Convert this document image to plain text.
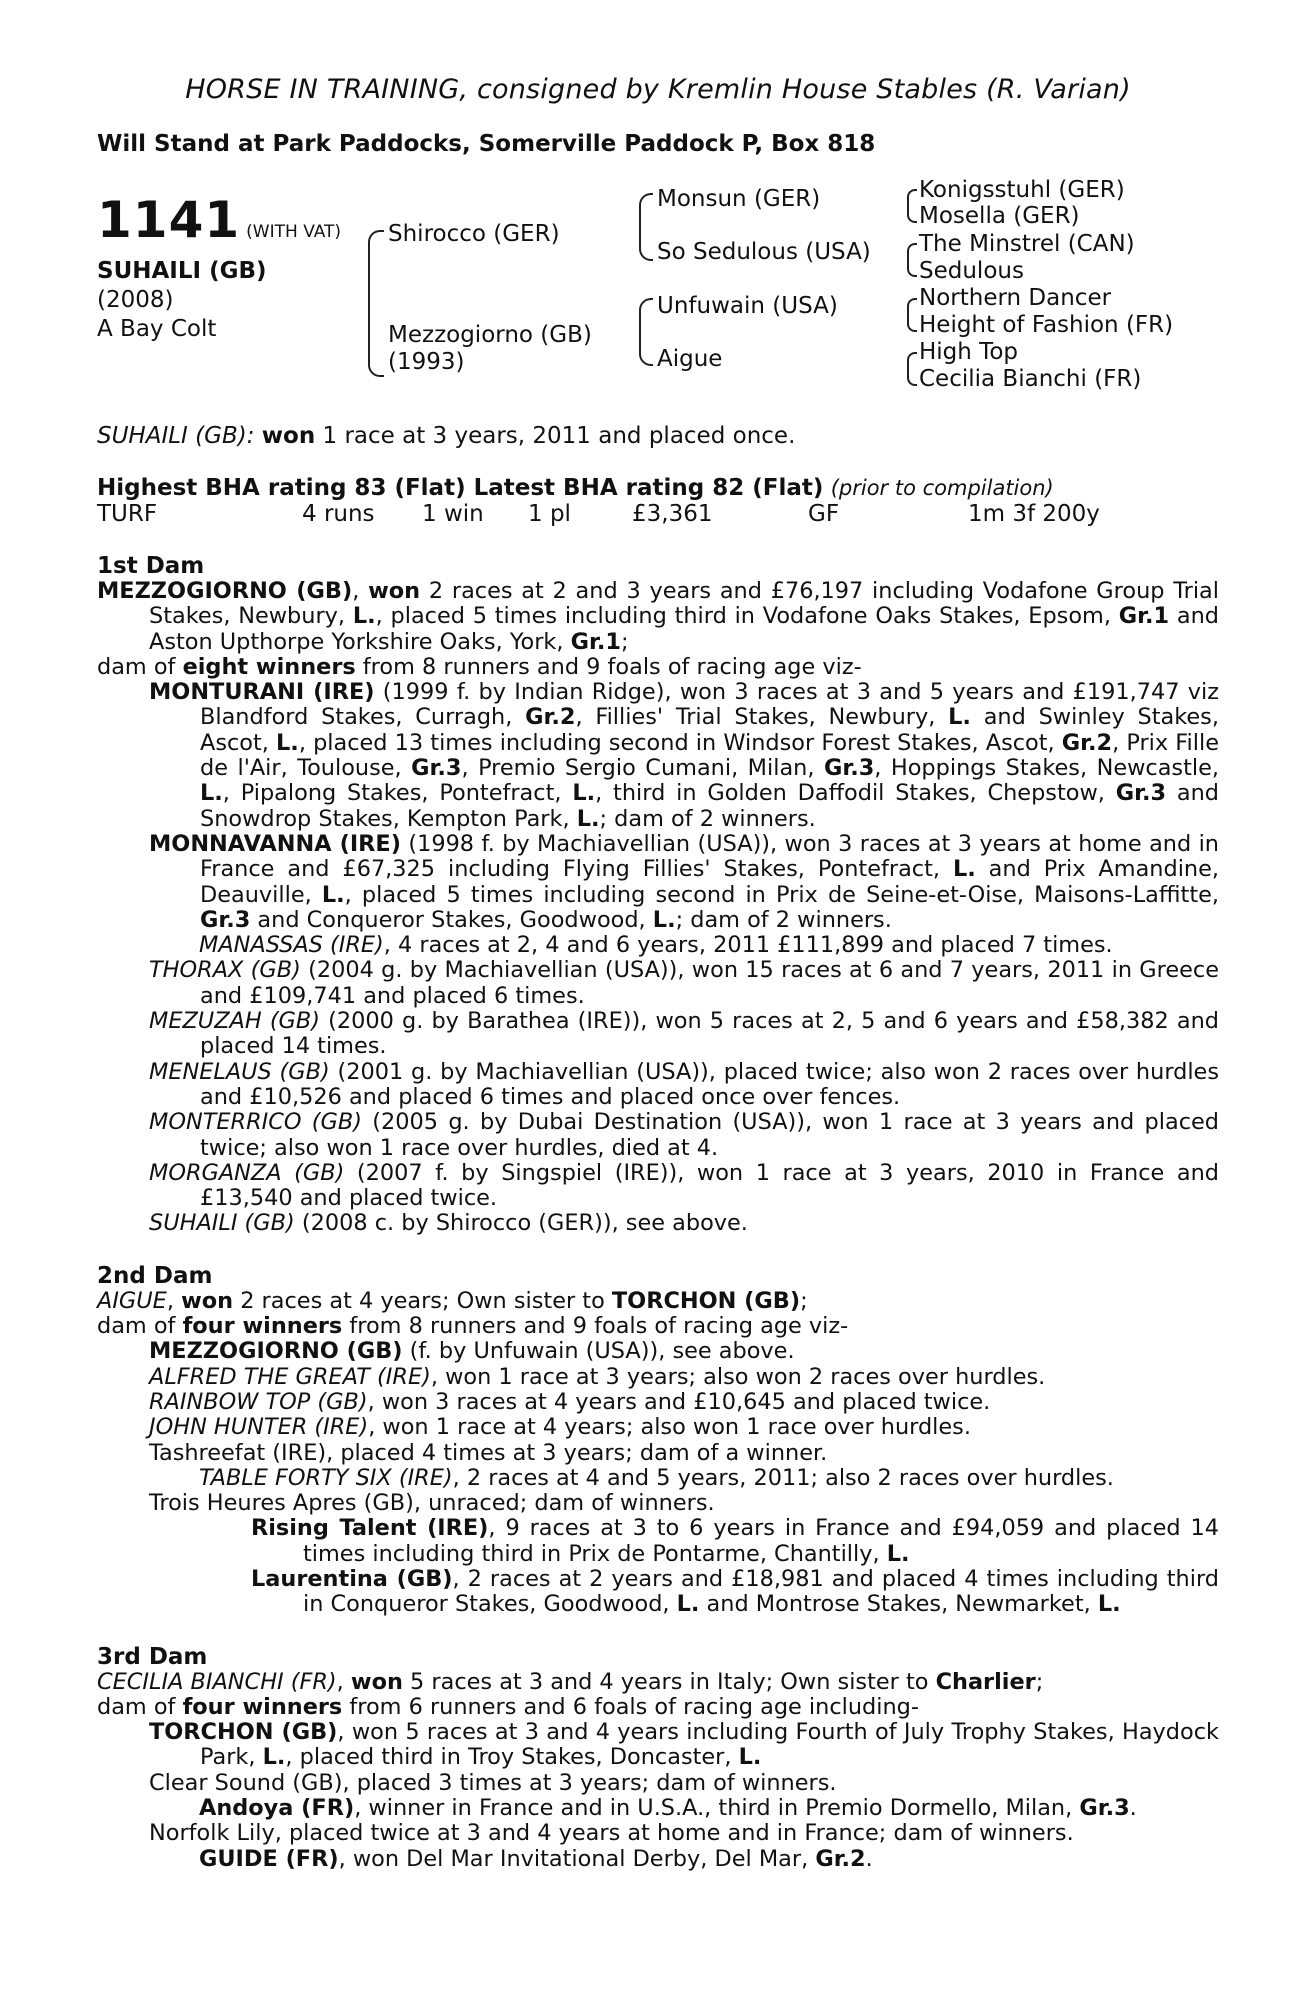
HORSE IN TRAINING, consigned by Kremlin House Stables (R. Varian)
Will Stand at Park Paddocks, Somerville Paddock P, Box 818
1141 (WITH VAT)
SUHAILI (GB)
(2008)
A Bay Colt
Shirocco (GER)
Mezzogiorno (GB)
(1993)
Monsun (GER)
So Sedulous (USA)
Unfuwain (USA)
Aigue
Konigsstuhl (GER)
Mosella (GER)
The Minstrel (CAN)
Sedulous
Northern Dancer
Height of Fashion (FR)
High Top
Cecilia Bianchi (FR)
SUHAILI (GB): won 1 race at 3 years, 2011 and placed once.
Highest BHA rating 83 (Flat) Latest BHA rating 82 (Flat) (prior to compilation)
TURF	4 runs	1 win	1 pl	£3,361	GF	1m 3f 200y
1st Dam
MEZZOGIORNO (GB), won 2 races at 2 and 3 years and £76,197 including Vodafone Group Trial Stakes, Newbury, L., placed 5 times including third in Vodafone Oaks Stakes, Epsom, Gr.1 and Aston Upthorpe Yorkshire Oaks, York, Gr.1;
dam of eight winners from 8 runners and 9 foals of racing age viz-
MONTURANI (IRE) (1999 f. by Indian Ridge), won 3 races at 3 and 5 years and £191,747 viz Blandford Stakes, Curragh, Gr.2, Fillies' Trial Stakes, Newbury, L. and Swinley Stakes, Ascot, L., placed 13 times including second in Windsor Forest Stakes, Ascot, Gr.2, Prix Fille de l'Air, Toulouse, Gr.3, Premio Sergio Cumani, Milan, Gr.3, Hoppings Stakes, Newcastle, L., Pipalong Stakes, Pontefract, L., third in Golden Daffodil Stakes, Chepstow, Gr.3 and Snowdrop Stakes, Kempton Park, L.; dam of 2 winners.
MONNAVANNA (IRE) (1998 f. by Machiavellian (USA)), won 3 races at 3 years at home and in France and £67,325 including Flying Fillies' Stakes, Pontefract, L. and Prix Amandine, Deauville, L., placed 5 times including second in Prix de Seine-et-Oise, Maisons-Laffitte, Gr.3 and Conqueror Stakes, Goodwood, L.; dam of 2 winners.
MANASSAS (IRE), 4 races at 2, 4 and 6 years, 2011 £111,899 and placed 7 times.
THORAX (GB) (2004 g. by Machiavellian (USA)), won 15 races at 6 and 7 years, 2011 in Greece and £109,741 and placed 6 times.
MEZUZAH (GB) (2000 g. by Barathea (IRE)), won 5 races at 2, 5 and 6 years and £58,382 and placed 14 times.
MENELAUS (GB) (2001 g. by Machiavellian (USA)), placed twice; also won 2 races over hurdles and £10,526 and placed 6 times and placed once over fences.
MONTERRICO (GB) (2005 g. by Dubai Destination (USA)), won 1 race at 3 years and placed twice; also won 1 race over hurdles, died at 4.
MORGANZA (GB) (2007 f. by Singspiel (IRE)), won 1 race at 3 years, 2010 in France and £13,540 and placed twice.
SUHAILI (GB) (2008 c. by Shirocco (GER)), see above.
2nd Dam
AIGUE, won 2 races at 4 years; Own sister to TORCHON (GB);
dam of four winners from 8 runners and 9 foals of racing age viz-
MEZZOGIORNO (GB) (f. by Unfuwain (USA)), see above.
ALFRED THE GREAT (IRE), won 1 race at 3 years; also won 2 races over hurdles.
RAINBOW TOP (GB), won 3 races at 4 years and £10,645 and placed twice.
JOHN HUNTER (IRE), won 1 race at 4 years; also won 1 race over hurdles.
Tashreefat (IRE), placed 4 times at 3 years; dam of a winner.
TABLE FORTY SIX (IRE), 2 races at 4 and 5 years, 2011; also 2 races over hurdles.
Trois Heures Apres (GB), unraced; dam of winners.
Rising Talent (IRE), 9 races at 3 to 6 years in France and £94,059 and placed 14 times including third in Prix de Pontarme, Chantilly, L.
Laurentina (GB), 2 races at 2 years and £18,981 and placed 4 times including third in Conqueror Stakes, Goodwood, L. and Montrose Stakes, Newmarket, L.
3rd Dam
CECILIA BIANCHI (FR), won 5 races at 3 and 4 years in Italy; Own sister to Charlier;
dam of four winners from 6 runners and 6 foals of racing age including-
TORCHON (GB), won 5 races at 3 and 4 years including Fourth of July Trophy Stakes, Haydock Park, L., placed third in Troy Stakes, Doncaster, L.
Clear Sound (GB), placed 3 times at 3 years; dam of winners.
Andoya (FR), winner in France and in U.S.A., third in Premio Dormello, Milan, Gr.3.
Norfolk Lily, placed twice at 3 and 4 years at home and in France; dam of winners.
GUIDE (FR), won Del Mar Invitational Derby, Del Mar, Gr.2.
